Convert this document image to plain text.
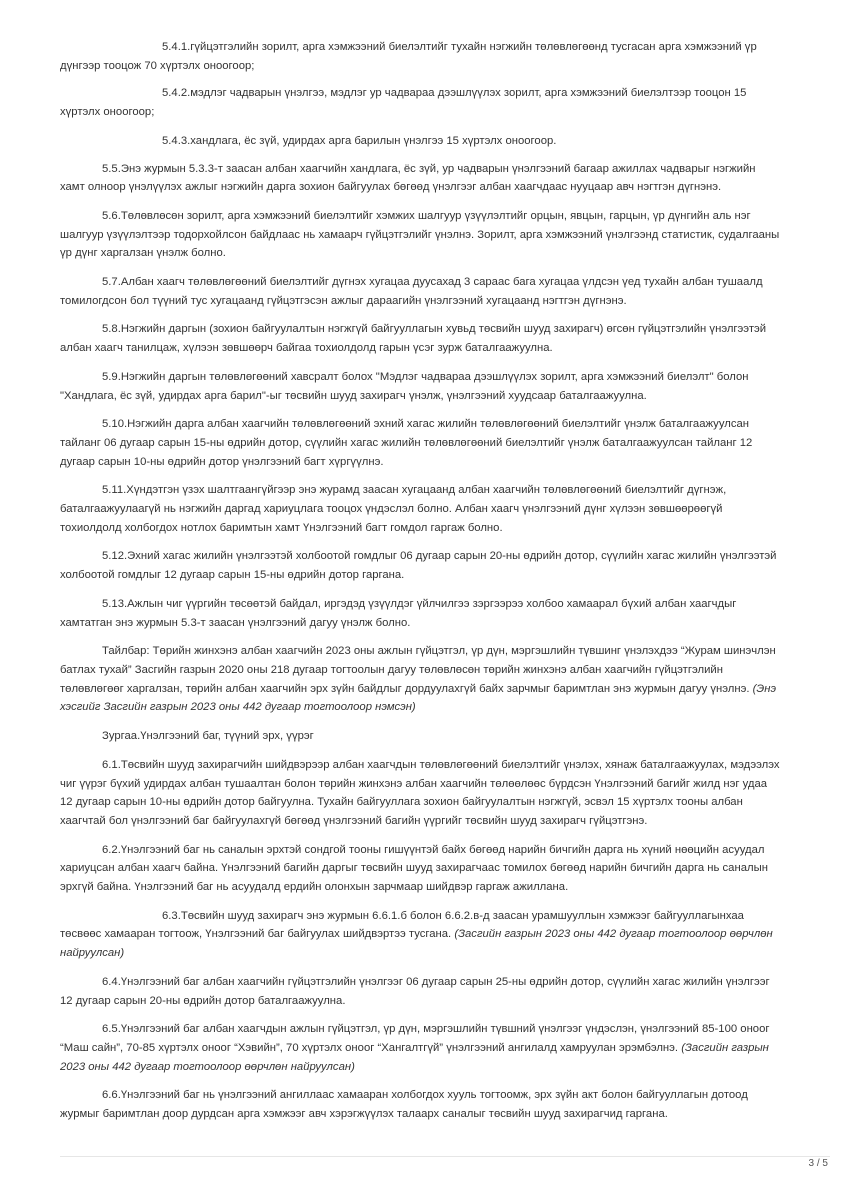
5.4.1.гүйцэтгэлийн зорилт, арга хэмжээний биелэлтийг тухайн нэгжийн төлөвлөгөөнд тусгасан арга хэмжээний үр дүнгээр тооцож 70 хүртэлх оноогоор;

5.4.2.мэдлэг чадварын үнэлгээ, мэдлэг ур чадвараа дээшлүүлэх зорилт, арга хэмжээний биелэлтээр тооцон 15 хүртэлх оноогоор;

5.4.3.хандлага, ёс зүй, удирдах арга барилын үнэлгээ 15 хүртэлх оноогоор.

5.5.Энэ журмын 5.3.3-т заасан албан хаагчийн хандлага, ёс зүй, ур чадварын үнэлгээний багаар ажиллах чадварыг нэгжийн хамт олноор үнэлүүлэх ажлыг нэгжийн дарга зохион байгуулах бөгөөд үнэлгээг албан хаагчдаас нууцаар авч нэгтгэн дүгнэнэ.

5.6.Төлөвлөсөн зорилт, арга хэмжээний биелэлтийг хэмжих шалгуур үзүүлэлтийг орцын, явцын, гарцын, үр дүнгийн аль нэг шалгуур үзүүлэлтээр тодорхойлсон байдлаас нь хамаарч гүйцэтгэлийг үнэлнэ. Зорилт, арга хэмжээний үнэлгээнд статистик, судалгааны үр дүнг харгалзан үнэлж болно.

5.7.Албан хаагч төлөвлөгөөний биелэлтийг дүгнэх хугацаа дуусахад 3 сараас бага хугацаа үлдсэн үед тухайн албан тушаалд томилогдсон бол түүний тус хугацаанд гүйцэтгэсэн ажлыг дараагийн үнэлгээний хугацаанд нэгтгэн дүгнэнэ.

5.8.Нэгжийн даргын (зохион байгуулалтын нэгжгүй байгууллагын хувьд төсвийн шууд захирагч) өгсөн гүйцэтгэлийн үнэлгээтэй албан хаагч танилцаж, хүлээн зөвшөөрч байгаа тохиолдолд гарын үсэг зурж баталгаажуулна.

5.9.Нэгжийн даргын төлөвлөгөөний хавсралт болох "Мэдлэг чадвараа дээшлүүлэх зорилт, арга хэмжээний биелэлт" болон "Хандлага, ёс зүй, удирдах арга барил"-ыг төсвийн шууд захирагч үнэлж, үнэлгээний хуудсаар баталгаажуулна.

5.10.Нэгжийн дарга албан хаагчийн төлөвлөгөөний эхний хагас жилийн төлөвлөгөөний биелэлтийг үнэлж баталгаажуулсан тайланг 06 дугаар сарын 15-ны өдрийн дотор, сүүлийн хагас жилийн төлөвлөгөөний биелэлтийг үнэлж баталгаажуулсан тайланг 12 дугаар сарын 10-ны өдрийн дотор үнэлгээний багт хүргүүлнэ.

5.11.Хүндэтгэн үзэх шалтгаангүйгээр энэ журамд заасан хугацаанд албан хаагчийн төлөвлөгөөний биелэлтийг дүгнэж, баталгаажуулаагүй нь нэгжийн даргад хариуцлага тооцох үндэслэл болно. Албан хаагч үнэлгээний дүнг хүлээн зөвшөөрөөгүй тохиолдолд холбогдох нотлох баримтын хамт Үнэлгээний багт гомдол гаргаж болно.

5.12.Эхний хагас жилийн үнэлгээтэй холбоотой гомдлыг 06 дугаар сарын 20-ны өдрийн дотор, сүүлийн хагас жилийн үнэлгээтэй холбоотой гомдлыг 12 дугаар сарын 15-ны өдрийн дотор гаргана.

5.13.Ажлын чиг үүргийн төсөөтэй байдал, иргэдэд үзүүлдэг үйлчилгээ зэргээрээ холбоо хамаарал бүхий албан хаагчдыг хамтатган энэ журмын 5.3-т заасан үнэлгээний дагуу үнэлж болно.

Тайлбар: Төрийн жинхэнэ албан хаагчийн 2023 оны ажлын гүйцэтгэл, үр дүн, мэргэшлийн түвшинг үнэлэхдээ “Журам шинэчлэн батлах тухай” Засгийн газрын 2020 оны 218 дугаар тогтоолын дагуу төлөвлөсөн төрийн жинхэнэ албан хаагчийн гүйцэтгэлийн төлөвлөгөөг харгалзан, төрийн албан хаагчийн эрх зүйн байдлыг дордуулахгүй байх зарчмыг баримтлан энэ журмын дагуу үнэлнэ. (Энэ хэсгийг Засгийн газрын 2023 оны 442 дугаар тогтоолоор нэмсэн)

Зургаа.Үнэлгээний баг, түүний эрх, үүрэг

6.1.Төсвийн шууд захирагчийн шийдвэрээр албан хаагчдын төлөвлөгөөний биелэлтийг үнэлэх, хянаж баталгаажуулах, мэдээлэх чиг үүрэг бүхий удирдах албан тушаалтан болон төрийн жинхэнэ албан хаагчийн төлөөлөөс бүрдсэн Үнэлгээний багийг жилд нэг удаа 12 дугаар сарын 10-ны өдрийн дотор байгуулна. Тухайн байгууллага зохион байгуулалтын нэгжгүй, эсвэл 15 хүртэлх тооны албан хаагчтай бол үнэлгээний баг байгуулахгүй бөгөөд үнэлгээний багийн үүргийг төсвийн шууд захирагч гүйцэтгэнэ.

6.2.Үнэлгээний баг нь саналын эрхтэй сондгой тооны гишүүнтэй байх бөгөөд нарийн бичгийн дарга нь хүний нөөцийн асуудал хариуцсан албан хаагч байна. Үнэлгээний багийн даргыг төсвийн шууд захирагчаас томилох бөгөөд нарийн бичгийн дарга нь саналын эрхгүй байна. Үнэлгээний баг нь асуудалд ердийн олонхын зарчмаар шийдвэр гаргаж ажиллана.

6.3.Төсвийн шууд захирагч энэ журмын 6.6.1.б болон 6.6.2.в-д заасан урамшууллын хэмжээг байгууллагынхаа төсвөөс хамааран тогтоож, Үнэлгээний баг байгуулах шийдвэртээ тусгана. (Засгийн газрын 2023 оны 442 дугаар тогтоолоор өөрчлөн найруулсан)

6.4.Үнэлгээний баг албан хаагчийн гүйцэтгэлийн үнэлгээг 06 дугаар сарын 25-ны өдрийн дотор, сүүлийн хагас жилийн үнэлгээг 12 дугаар сарын 20-ны өдрийн дотор баталгаажуулна.

6.5.Үнэлгээний баг албан хаагчдын ажлын гүйцэтгэл, үр дүн, мэргэшлийн түвшний үнэлгээг үндэслэн, үнэлгээний 85-100 оноог “Маш сайн”, 70-85 хүртэлх оноог “Хэвийн”, 70 хүртэлх оноог “Хангалтгүй” үнэлгээний ангилалд хамруулан эрэмбэлнэ. (Засгийн газрын 2023 оны 442 дугаар тогтоолоор өөрчлөн найруулсан)

6.6.Үнэлгээний баг нь үнэлгээний ангиллаас хамааран холбогдох хууль тогтоомж, эрх зүйн акт болон байгууллагын дотоод журмыг баримтлан доор дурдсан арга хэмжээг авч хэрэгжүүлэх талаарх саналыг төсвийн шууд захирагчид гаргана.

3 / 5
